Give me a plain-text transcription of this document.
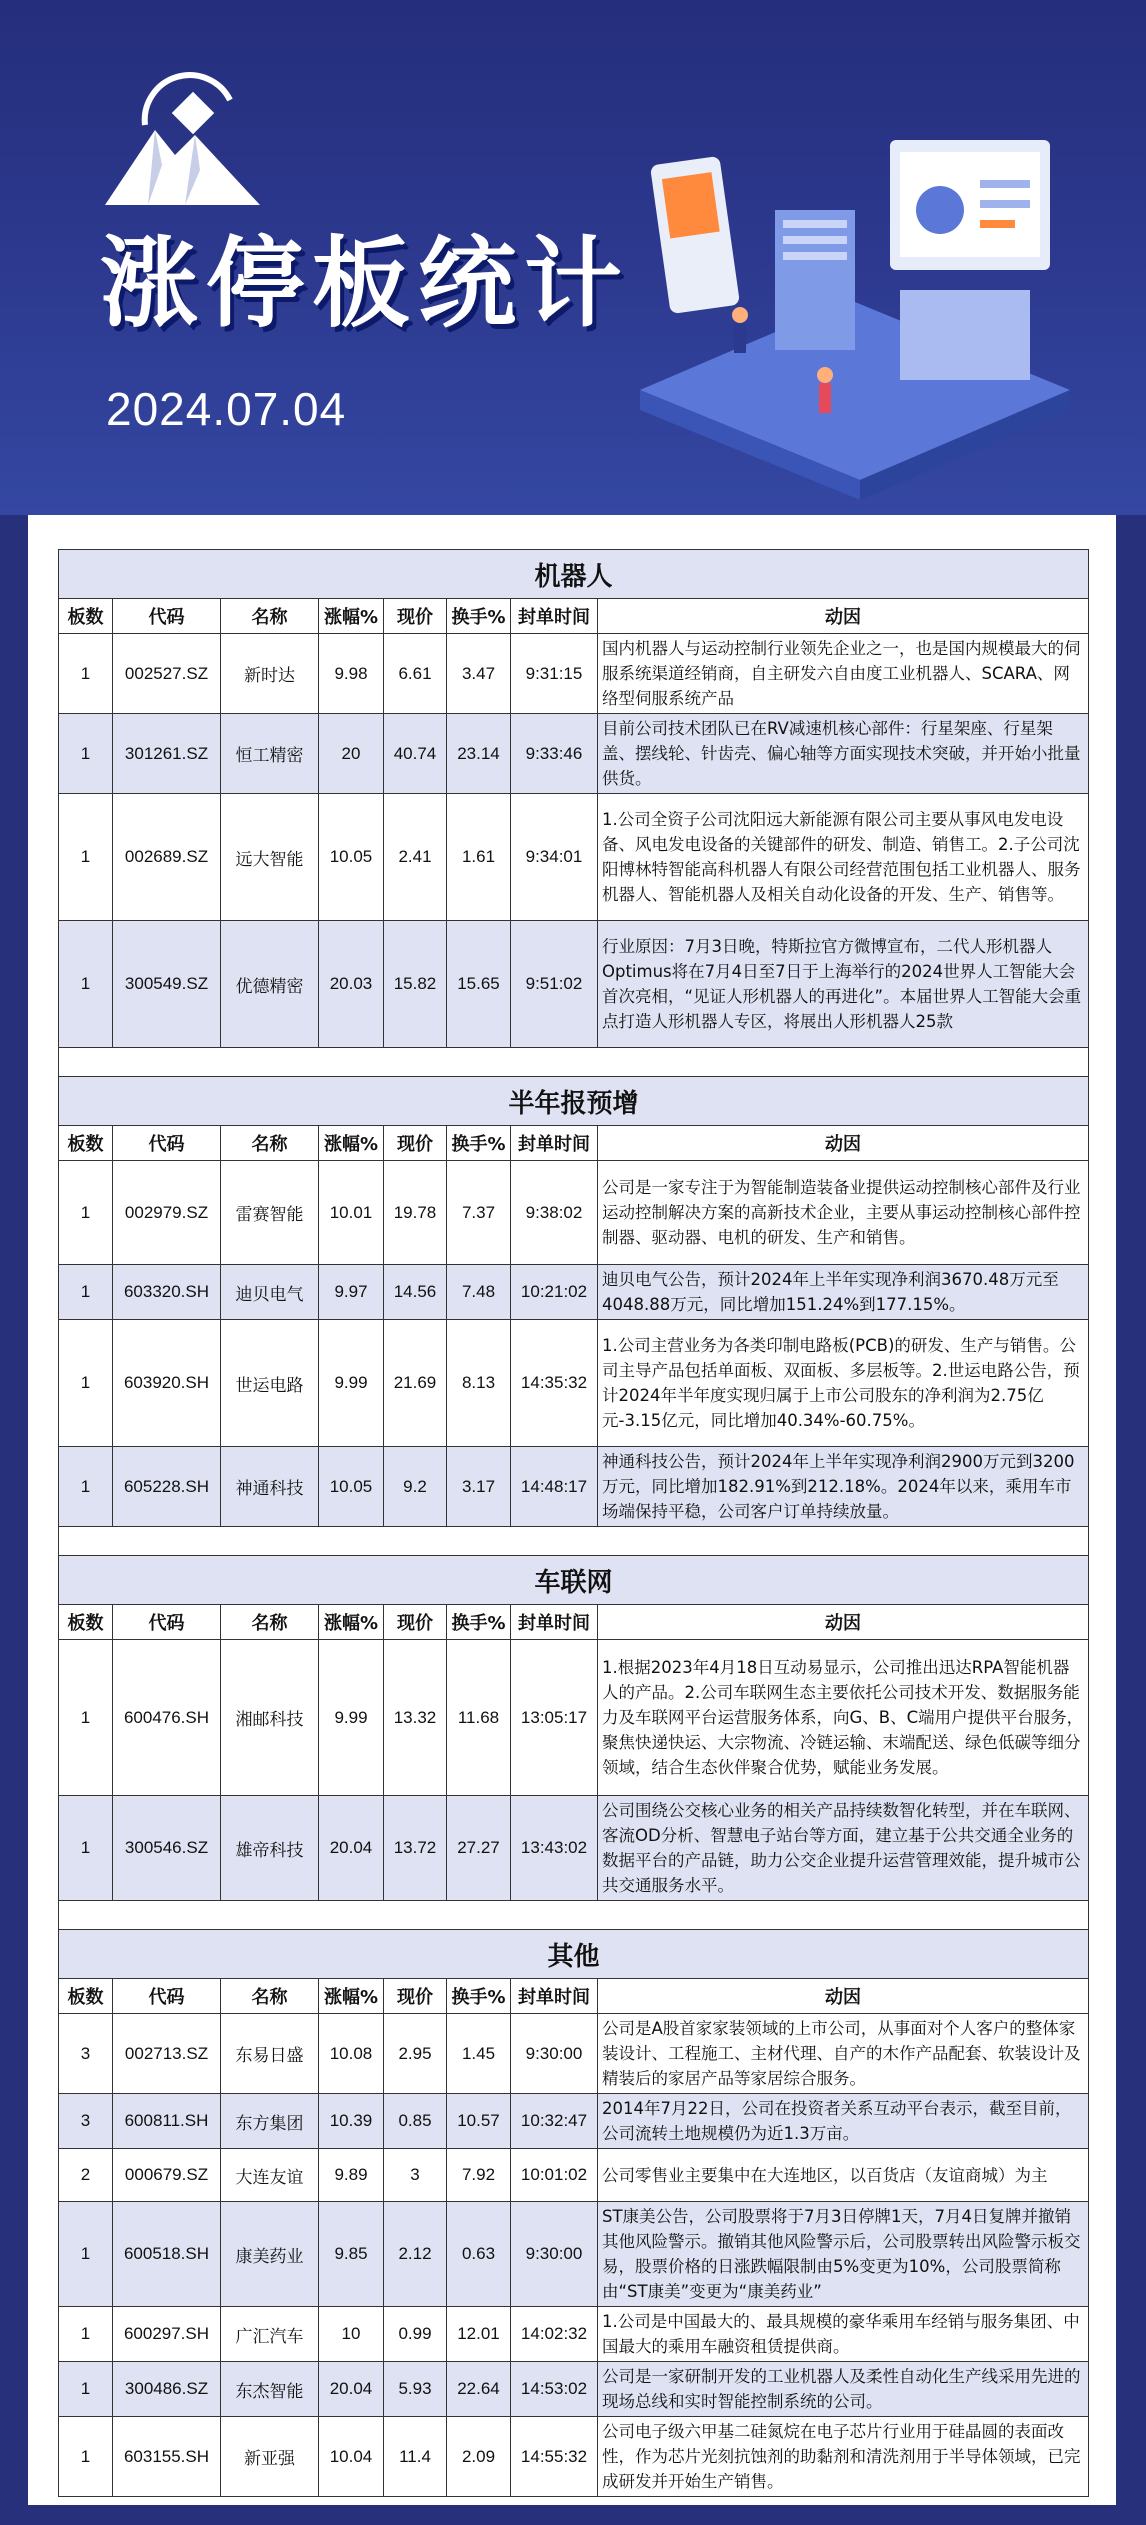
涨停板统计
2024.07.04
机器人							
板数	代码	名称	涨幅%	现价	换手%	封单时间	动因
1	002527.SZ	新时达	9.98	6.61	3.47	9:31:15	国内机器人与运动控制行业领先企业之一，也是国内规模最大的伺服系统渠道经销商，自主研发六自由度工业机器人、SCARA、网络型伺服系统产品
1	301261.SZ	恒工精密	20	40.74	23.14	9:33:46	目前公司技术团队已在RV减速机核心部件：行星架座、行星架盖、摆线轮、针齿壳、偏心轴等方面实现技术突破，并开始小批量供货。
1	002689.SZ	远大智能	10.05	2.41	1.61	9:34:01	1.公司全资子公司沈阳远大新能源有限公司主要从事风电发电设备、风电发电设备的关键部件的研发、制造、销售工。2.子公司沈阳博林特智能高科机器人有限公司经营范围包括工业机器人、服务机器人、智能机器人及相关自动化设备的开发、生产、销售等。
1	300549.SZ	优德精密	20.03	15.82	15.65	9:51:02	行业原因：7月3日晚，特斯拉官方微博宣布，二代人形机器人Optimus将在7月4日至7日于上海举行的2024世界人工智能大会首次亮相，“见证人形机器人的再进化”。本届世界人工智能大会重点打造人形机器人专区，将展出人形机器人25款

半年报预增							
板数	代码	名称	涨幅%	现价	换手%	封单时间	动因
1	002979.SZ	雷赛智能	10.01	19.78	7.37	9:38:02	公司是一家专注于为智能制造装备业提供运动控制核心部件及行业运动控制解决方案的高新技术企业，主要从事运动控制核心部件控制器、驱动器、电机的研发、生产和销售。
1	603320.SH	迪贝电气	9.97	14.56	7.48	10:21:02	迪贝电气公告，预计2024年上半年实现净利润3670.48万元至4048.88万元，同比增加151.24%到177.15%。
1	603920.SH	世运电路	9.99	21.69	8.13	14:35:32	1.公司主营业务为各类印制电路板(PCB)的研发、生产与销售。公司主导产品包括单面板、双面板、多层板等。2.世运电路公告，预计2024年半年度实现归属于上市公司股东的净利润为2.75亿元-3.15亿元，同比增加40.34%-60.75%。
1	605228.SH	神通科技	10.05	9.2	3.17	14:48:17	神通科技公告，预计2024年上半年实现净利润2900万元到3200万元，同比增加182.91%到212.18%。2024年以来，乘用车市场端保持平稳，公司客户订单持续放量。

车联网							
板数	代码	名称	涨幅%	现价	换手%	封单时间	动因
1	600476.SH	湘邮科技	9.99	13.32	11.68	13:05:17	1.根据2023年4月18日互动易显示，公司推出迅达RPA智能机器人的产品。2.公司车联网生态主要依托公司技术开发、数据服务能力及车联网平台运营服务体系，向G、B、C端用户提供平台服务，聚焦快递快运、大宗物流、冷链运输、末端配送、绿色低碳等细分领域，结合生态伙伴聚合优势，赋能业务发展。
1	300546.SZ	雄帝科技	20.04	13.72	27.27	13:43:02	公司围绕公交核心业务的相关产品持续数智化转型，并在车联网、客流OD分析、智慧电子站台等方面，建立基于公共交通全业务的数据平台的产品链，助力公交企业提升运营管理效能，提升城市公共交通服务水平。

其他							
板数	代码	名称	涨幅%	现价	换手%	封单时间	动因
3	002713.SZ	东易日盛	10.08	2.95	1.45	9:30:00	公司是A股首家家装领域的上市公司，从事面对个人客户的整体家装设计、工程施工、主材代理、自产的木作产品配套、软装设计及精装后的家居产品等家居综合服务。
3	600811.SH	东方集团	10.39	0.85	10.57	10:32:47	2014年7月22日，公司在投资者关系互动平台表示，截至目前，公司流转土地规模仍为近1.3万亩。
2	000679.SZ	大连友谊	9.89	3	7.92	10:01:02	公司零售业主要集中在大连地区，以百货店（友谊商城）为主
1	600518.SH	康美药业	9.85	2.12	0.63	9:30:00	ST康美公告，公司股票将于7月3日停牌1天，7月4日复牌并撤销其他风险警示。撤销其他风险警示后，公司股票转出风险警示板交易，股票价格的日涨跌幅限制由5%变更为10%，公司股票简称由“ST康美”变更为“康美药业”
1	600297.SH	广汇汽车	10	0.99	12.01	14:02:32	1.公司是中国最大的、最具规模的豪华乘用车经销与服务集团、中国最大的乘用车融资租赁提供商。
1	300486.SZ	东杰智能	20.04	5.93	22.64	14:53:02	公司是一家研制开发的工业机器人及柔性自动化生产线采用先进的现场总线和实时智能控制系统的公司。
1	603155.SH	新亚强	10.04	11.4	2.09	14:55:32	公司电子级六甲基二硅氮烷在电子芯片行业用于硅晶圆的表面改性，作为芯片光刻抗蚀剂的助黏剂和清洗剂用于半导体领域，已完成研发并开始生产销售。
